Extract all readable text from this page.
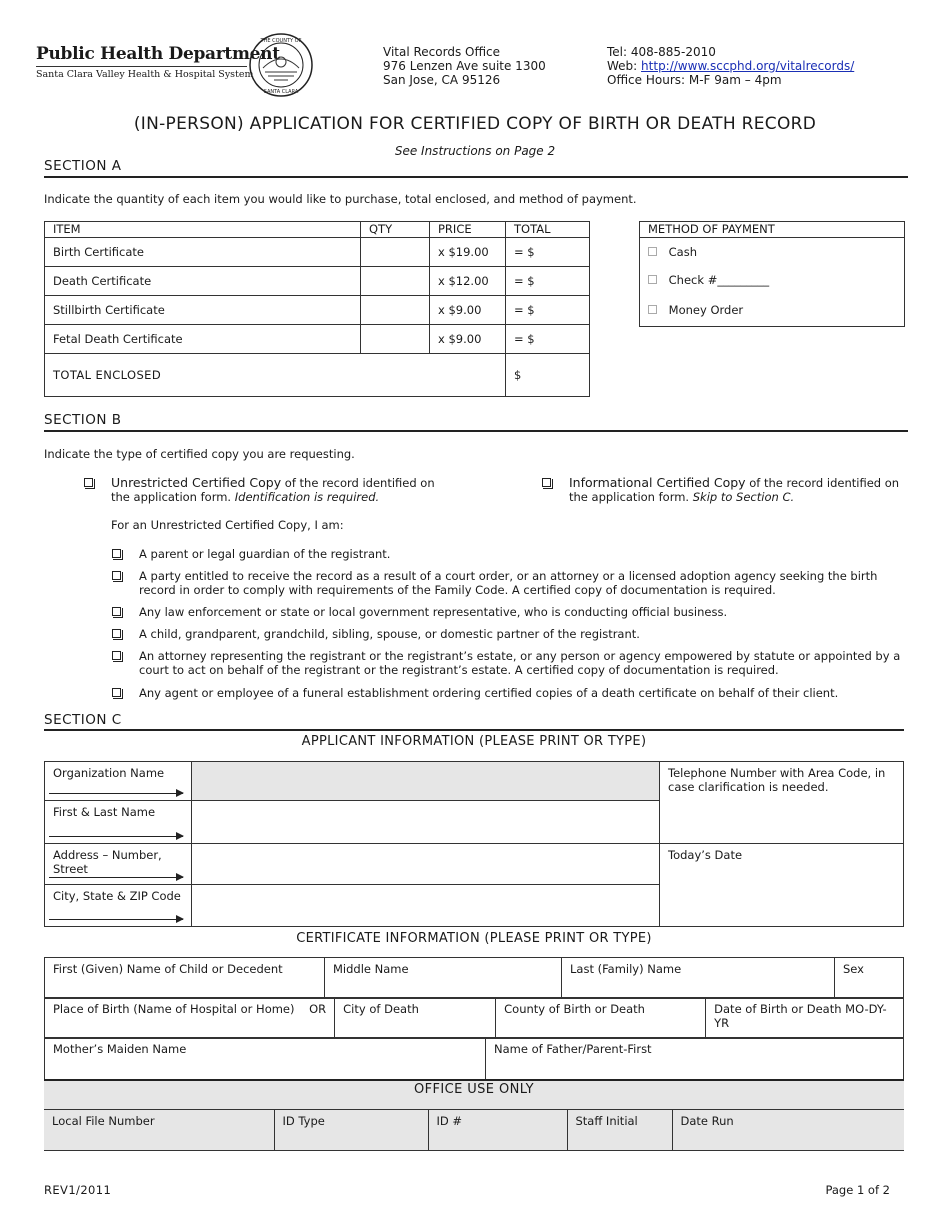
Public Health Department
Santa Clara Valley Health & Hospital System
THE COUNTY OF
SANTA CLARA
Vital Records Office
976 Lenzen Ave suite 1300
San Jose, CA 95126
Tel: 408-885-2010
Web: http://www.sccphd.org/vitalrecords/
Office Hours: M-F 9am – 4pm
(IN-PERSON) APPLICATION FOR CERTIFIED COPY OF BIRTH OR DEATH RECORD
See Instructions on Page 2
SECTION A
Indicate the quantity of each item you would like to purchase, total enclosed, and method of payment.
ITEM	QTY	PRICE	TOTAL
Birth Certificate		x $19.00	= $
Death Certificate		x $12.00	= $
Stillbirth Certificate		x $9.00	= $
Fetal Death Certificate		x $9.00	= $
TOTAL ENCLOSED			$
METHOD OF PAYMENT

Cash
Check #_________
Money Order
SECTION B
Indicate the type of certified copy you are requesting.
Unrestricted Certified Copy of the record identified on the application form. Identification is required.
Informational Certified Copy of the record identified on the application form. Skip to Section C.
For an Unrestricted Certified Copy, I am:
A parent or legal guardian of the registrant.
A party entitled to receive the record as a result of a court order, or an attorney or a licensed adoption agency seeking the birth record in order to comply with requirements of the Family Code. A certified copy of documentation is required.
Any law enforcement or state or local government representative, who is conducting official business.
A child, grandparent, grandchild, sibling, spouse, or domestic partner of the registrant.
An attorney representing the registrant or the registrant’s estate, or any person or agency empowered by statute or appointed by a court to act on behalf of the registrant or the registrant’s estate. A certified copy of documentation is required.
Any agent or employee of a funeral establishment ordering certified copies of a death certificate on behalf of their client.
SECTION C
APPLICANT INFORMATION (PLEASE PRINT OR TYPE)
Organization Name		Telephone Number with Area Code, in case clarification is needed.
First & Last Name	

Address – Number, Street		Today’s Date
City, State & ZIP Code	

CERTIFICATE INFORMATION (PLEASE PRINT OR TYPE)
First (Given) Name of Child or Decedent	Middle Name	Last (Family) Name	Sex
Place of Birth (Name of Hospital or Home)    OR	City of Death	County of Birth or Death	Date of Birth or Death MO-DY-YR
Mother’s Maiden Name	Name of Father/Parent-First
OFFICE USE ONLY
Local File Number	ID Type	ID #	Staff Initial	Date Run
REV1/2011	Page 1 of 2
